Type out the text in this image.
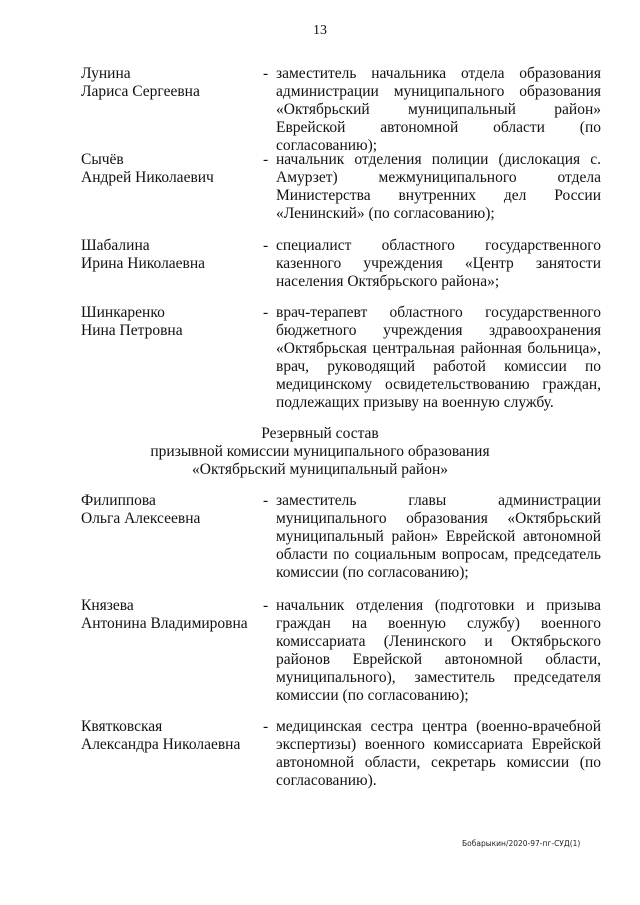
13
Лунина
Лариса Сергеевна
- заместитель начальника отдела образования администрации муниципального образования «Октябрьский муниципальный район» Еврейской автономной области (по согласованию);
Сычёв
Андрей Николаевич
- начальник отделения полиции (дислокация с. Амурзет) межмуниципального отдела Министерства внутренних дел России «Ленинский» (по согласованию);
Шабалина
Ирина Николаевна
- специалист областного государственного казенного учреждения «Центр занятости населения Октябрьского района»;
Шинкаренко
Нина Петровна
- врач-терапевт областного государственного бюджетного учреждения здравоохранения «Октябрьская центральная районная больница», врач, руководящий работой комиссии по медицинскому освидетельствованию граждан, подлежащих призыву на военную службу.
Резервный состав
призывной комиссии муниципального образования
«Октябрьский муниципальный район»
Филиппова
Ольга Алексеевна
- заместитель главы администрации муниципального образования «Октябрьский муниципальный район» Еврейской автономной области по социальным вопросам, председатель комиссии (по согласованию);
Князева
Антонина Владимировна
- начальник отделения (подготовки и призыва граждан на военную службу) военного комиссариата (Ленинского и Октябрьского районов Еврейской автономной области, муниципального), заместитель председателя комиссии (по согласованию);
Квятковская
Александра Николаевна
- медицинская сестра центра (военно-врачебной экспертизы) военного комиссариата Еврейской автономной области, секретарь комиссии (по согласованию).
Бобарыкин/2020-97-пг-СУД(1)
